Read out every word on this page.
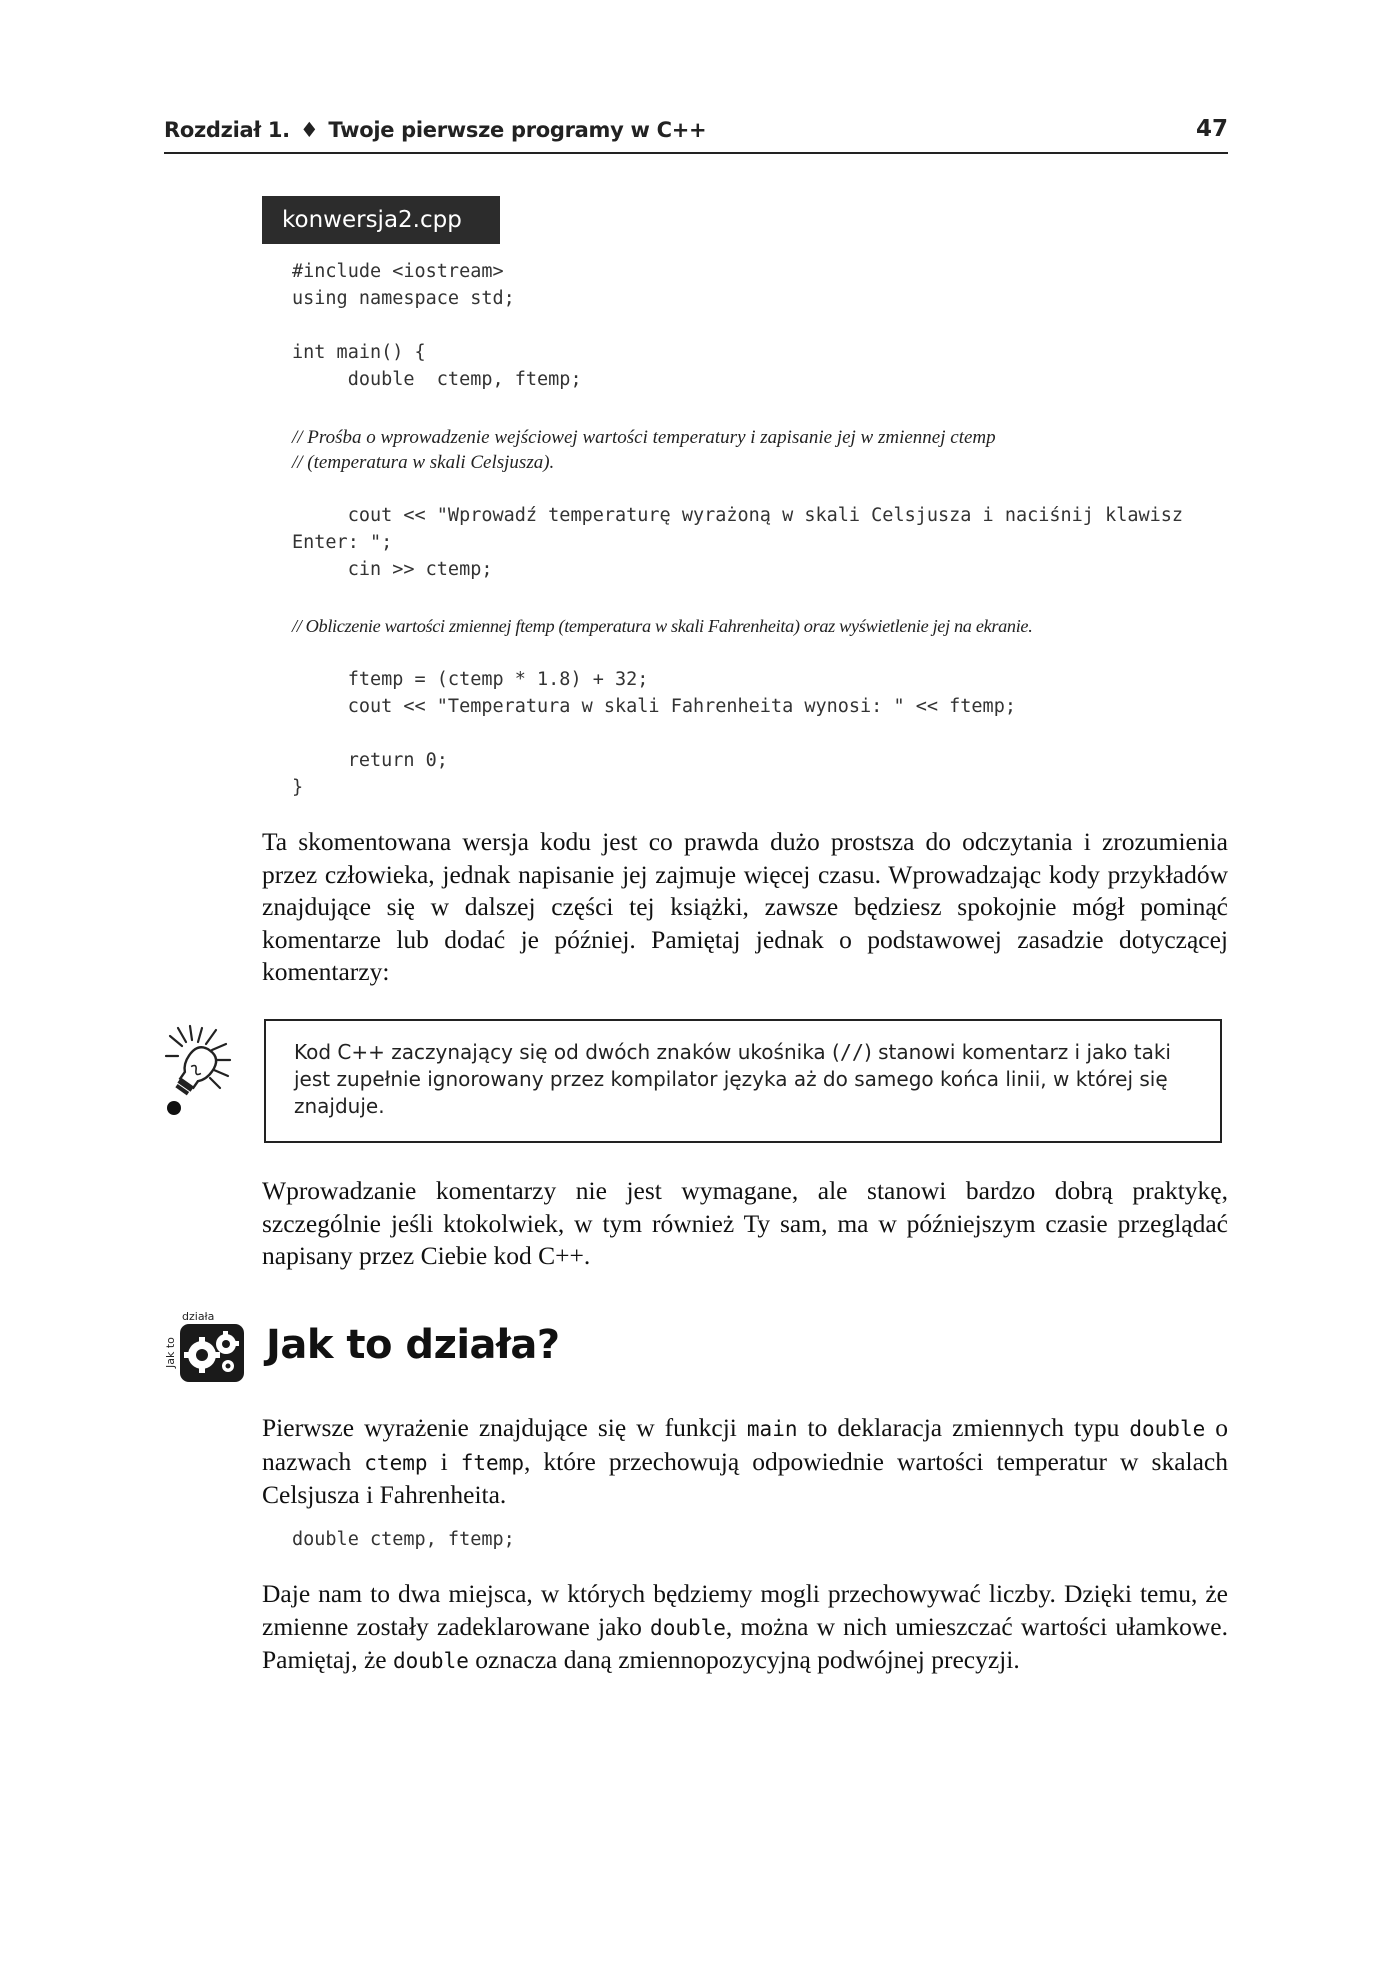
Rozdział 1. ♦ Twoje pierwsze programy w C++	47
konwersja2.cpp
#include <iostream>
using namespace std;
int main() {
double  ctemp, ftemp;
// Prośba o wprowadzenie wejściowej wartości temperatury i zapisanie jej w zmiennej ctemp
// (temperatura w skali Celsjusza).
cout << "Wprowadź temperaturę wyrażoną w skali Celsjusza i naciśnij klawisz
Enter: ";
cin >> ctemp;
// Obliczenie wartości zmiennej ftemp (temperatura w skali Fahrenheita) oraz wyświetlenie jej na ekranie.
ftemp = (ctemp * 1.8) + 32;
cout << "Temperatura w skali Fahrenheita wynosi: " << ftemp;
return 0;
}
Ta skomentowana wersja kodu jest co prawda dużo prostsza do odczytania i zrozumienia przez człowieka, jednak napisanie jej zajmuje więcej czasu. Wprowadzając kody przykładów znajdujące się w dalszej części tej książki, zawsze będziesz spokojnie mógł pominąć komentarze lub dodać je później. Pamiętaj jednak o podstawowej zasadzie dotyczącej komentarzy:
Kod C++ zaczynający się od dwóch znaków ukośnika (//) stanowi komentarz i jako taki jest zupełnie ignorowany przez kompilator języka aż do samego końca linii, w której się znajduje.
Wprowadzanie komentarzy nie jest wymagane, ale stanowi bardzo dobrą praktykę, szczególnie jeśli ktokolwiek, w tym również Ty sam, ma w późniejszym czasie przeglądać napisany przez Ciebie kod C++.
działa
Jak to Jak to działa?
Pierwsze wyrażenie znajdujące się w funkcji main to deklaracja zmiennych typu double o nazwach ctemp i ftemp, które przechowują odpowiednie wartości temperatur w skalach Celsjusza i Fahrenheita.
double ctemp, ftemp;
Daje nam to dwa miejsca, w których będziemy mogli przechowywać liczby. Dzięki temu, że zmienne zostały zadeklarowane jako double, można w nich umieszczać wartości ułamkowe. Pamiętaj, że double oznacza daną zmiennopozycyjną podwójnej precyzji.
